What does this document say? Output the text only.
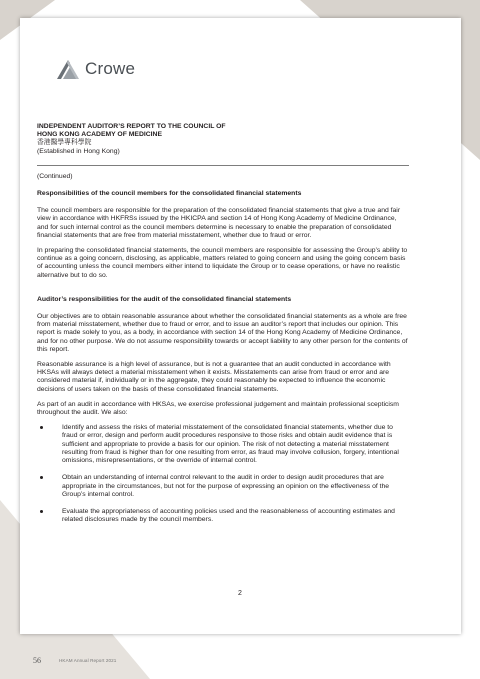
Crowe
INDEPENDENT AUDITOR’S REPORT TO THE COUNCIL OF
HONG KONG ACADEMY OF MEDICINE
香港醫學專科學院
(Established in Hong Kong)

(Continued)

Responsibilities of the council members for the consolidated financial statements

The council members are responsible for the preparation of the consolidated financial statements that give a true and fair view in accordance with HKFRSs issued by the HKICPA and section 14 of Hong Kong Academy of Medicine Ordinance, and for such internal control as the council members determine is necessary to enable the preparation of consolidated financial statements that are free from material misstatement, whether due to fraud or error.

In preparing the consolidated financial statements, the council members are responsible for assessing the Group’s ability to continue as a going concern, disclosing, as applicable, matters related to going concern and using the going concern basis of accounting unless the council members either intend to liquidate the Group or to cease operations, or have no realistic alternative but to do so.

Auditor’s responsibilities for the audit of the consolidated financial statements

Our objectives are to obtain reasonable assurance about whether the consolidated financial statements as a whole are free from material misstatement, whether due to fraud or error, and to issue an auditor’s report that includes our opinion. This report is made solely to you, as a body, in accordance with section 14 of the Hong Kong Academy of Medicine Ordinance, and for no other purpose. We do not assume responsibility towards or accept liability to any other person for the contents of this report.

Reasonable assurance is a high level of assurance, but is not a guarantee that an audit conducted in accordance with HKSAs will always detect a material misstatement when it exists. Misstatements can arise from fraud or error and are considered material if, individually or in the aggregate, they could reasonably be expected to influence the economic decisions of users taken on the basis of these consolidated financial statements.

As part of an audit in accordance with HKSAs, we exercise professional judgement and maintain professional scepticism throughout the audit. We also:

Identify and assess the risks of material misstatement of the consolidated financial statements, whether due to fraud or error, design and perform audit procedures responsive to those risks and obtain audit evidence that is sufficient and appropriate to provide a basis for our opinion. The risk of not detecting a material misstatement resulting from fraud is higher than for one resulting from error, as fraud may involve collusion, forgery, intentional omissions, misrepresentations, or the override of internal control.
Obtain an understanding of internal control relevant to the audit in order to design audit procedures that are appropriate in the circumstances, but not for the purpose of expressing an opinion on the effectiveness of the Group’s internal control.
Evaluate the appropriateness of accounting policies used and the reasonableness of accounting estimates and related disclosures made by the council members.
2
56	HKAM Annual Report 2021
